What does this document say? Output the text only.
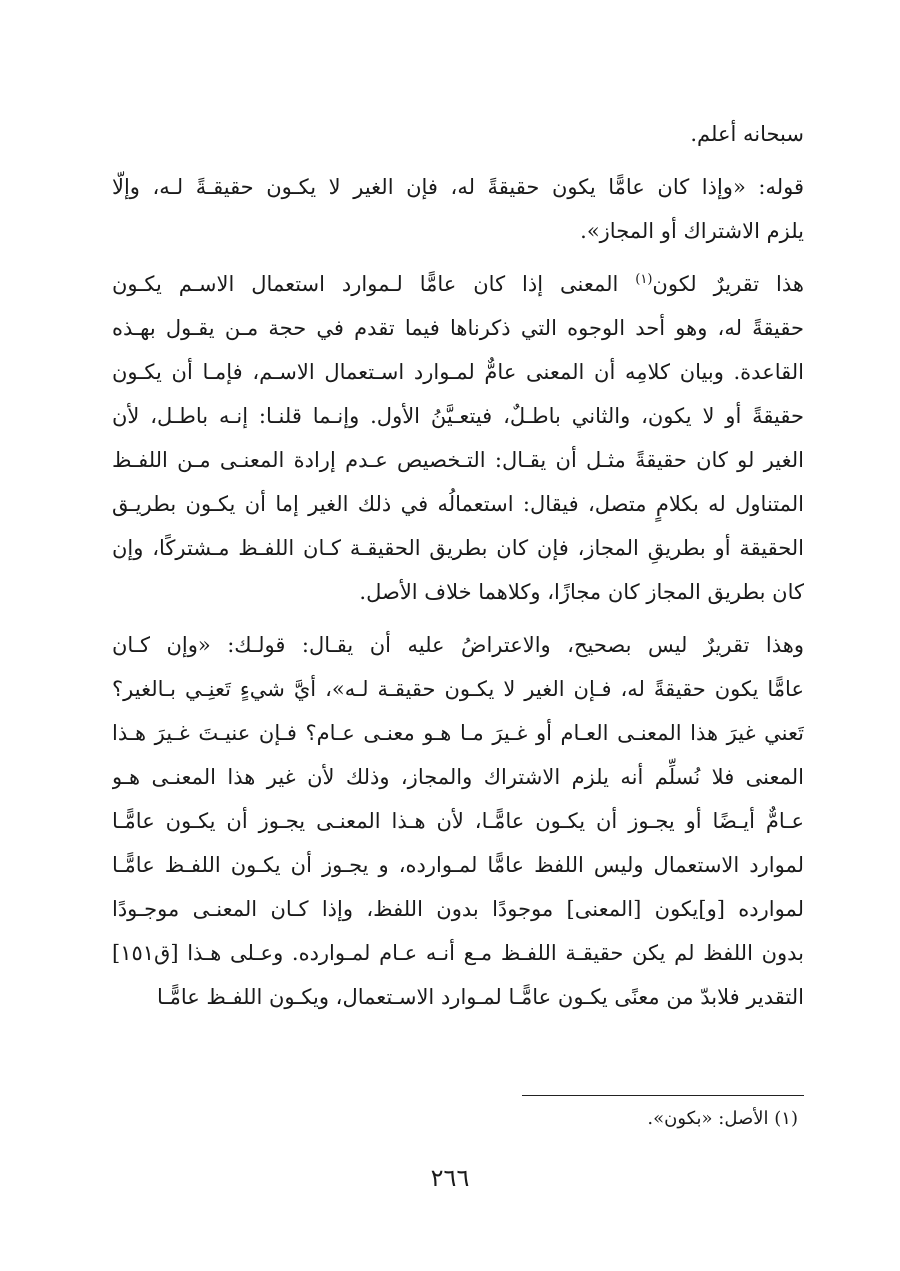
سبحانه أعلم.
قوله: «وإذا كان عامًّا يكون حقيقةً له، فإن الغير لا يكـون حقيقـةً لـه، وإلّا
يلزم الاشتراك أو المجاز».
هذا تقريرٌ لكون$^{(١)}$ المعنى إذا كان عامًّا لـموارد استعمال الاسـم يكـون
حقيقةً له، وهو أحد الوجوه التي ذكرناها فيما تقدم في حجة مـن يقـول بهـذه
القاعدة. وبيان كلامِه أن المعنى عامٌّ لمـوارد اسـتعمال الاسـم، فإمـا أن يكـون
حقيقةً أو لا يكون، والثاني باطـلٌ، فيتعـيَّنُ الأول. وإنـما قلنـا: إنـه باطـل، لأن
الغير لو كان حقيقةً مثـل أن يقـال: التـخصيص عـدم إرادة المعنـى مـن اللفـظ
المتناول له بكلامٍ متصل، فيقال: استعمالُه في ذلك الغير إما أن يكـون بطريـق
الحقيقة أو بطريقِ المجاز، فإن كان بطريق الحقيقـة كـان اللفـظ مـشتركًا، وإن
كان بطريق المجاز كان مجازًا، وكلاهما خلاف الأصل.
وهذا تقريرٌ ليس بصحيح، والاعتراضُ عليه أن يقـال: قولـك: «وإن كـان
عامًّا يكون حقيقةً له، فـإن الغير لا يكـون حقيقـة لـه»، أيَّ شيءٍ تَعنِـي بـالغير؟
تَعني غيرَ هذا المعنـى العـام أو غـيرَ مـا هـو معنـى عـام؟ فـإن عنيـتَ غـيرَ هـذا
المعنى فلا نُسلِّم أنه يلزم الاشتراك والمجاز، وذلك لأن غير هذا المعنـى هـو
عـامٌّ أيـضًا أو يجـوز أن يكـون عامًّـا، لأن هـذا المعنـى يجـوز أن يكـون عامًّـا
لموارد الاستعمال وليس اللفظ عامًّا لمـوارده، و يجـوز أن يكـون اللفـظ عامًّـا
لموارده [و]يكون [المعنى] موجودًا بدون اللفظ، وإذا كـان المعنـى موجـودًا
بدون اللفظ لم يكن حقيقـة اللفـظ مـع أنـه عـام لمـوارده. وعـلى هـذا [ق١٥١]
التقدير فلابدّ من معنًى يكـون عامًّـا لمـوارد الاسـتعمال، ويكـون اللفـظ عامًّـا
(١) الأصل: «بكون».
٢٦٦
